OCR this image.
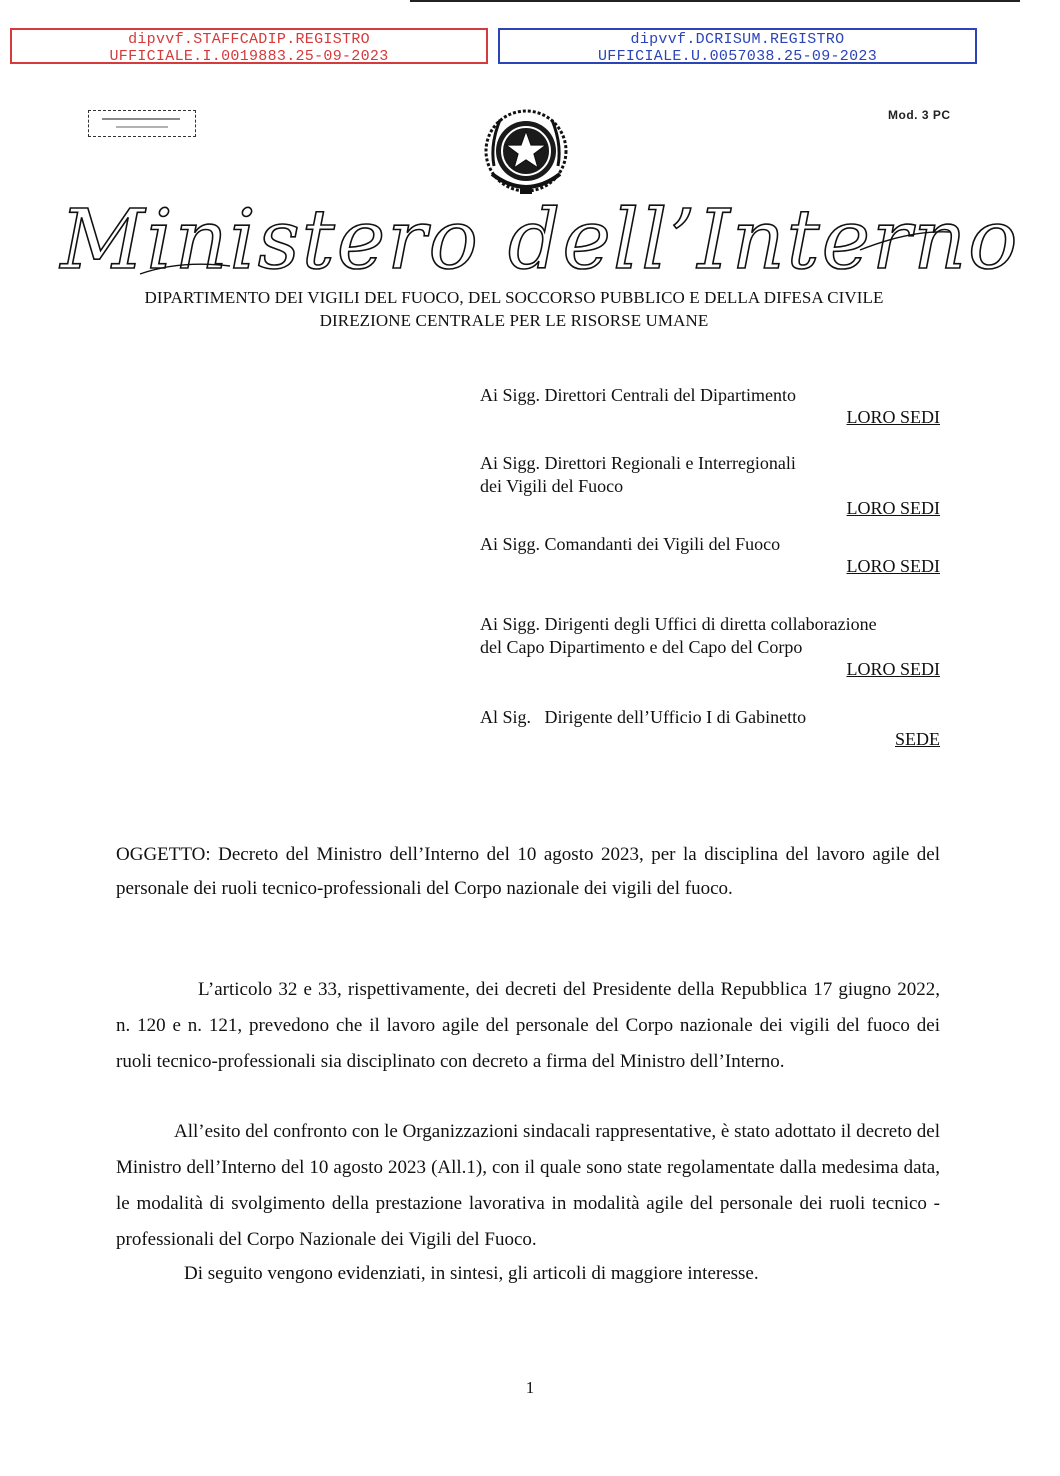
dipvvf.STAFFCADIP.REGISTRO
UFFICIALE.I.0019883.25-09-2023
dipvvf.DCRISUM.REGISTRO
UFFICIALE.U.0057038.25-09-2023
Mod. 3 PC
Ministero dell’Interno
DIPARTIMENTO DEI VIGILI DEL FUOCO, DEL SOCCORSO PUBBLICO E DELLA DIFESA CIVILE
DIREZIONE CENTRALE PER LE RISORSE UMANE
Ai Sigg. Direttori Centrali del Dipartimento
LORO SEDI
Ai Sigg. Direttori Regionali e Interregionali
dei Vigili del Fuoco
LORO SEDI
Ai Sigg. Comandanti dei Vigili del Fuoco
LORO SEDI
Ai Sigg. Dirigenti degli Uffici di diretta collaborazione
del Capo Dipartimento e del Capo del Corpo
LORO SEDI
Al Sig.   Dirigente dell’Ufficio I di Gabinetto
SEDE
OGGETTO: Decreto del Ministro dell’Interno del 10 agosto 2023, per la disciplina del lavoro agile del personale dei ruoli tecnico-professionali del Corpo nazionale dei vigili del fuoco.
L’articolo 32 e 33, rispettivamente, dei decreti del Presidente della Repubblica 17 giugno 2022, n. 120 e n. 121, prevedono che il lavoro agile del personale del Corpo nazionale dei vigili del fuoco dei ruoli tecnico-professionali sia disciplinato con decreto a firma del Ministro dell’Interno.
All’esito del confronto con le Organizzazioni sindacali rappresentative, è stato adottato il decreto del Ministro dell’Interno del 10 agosto 2023 (All.1), con il quale sono state regolamentate dalla medesima data, le modalità di svolgimento della prestazione lavorativa in modalità agile del personale dei ruoli tecnico - professionali del Corpo Nazionale dei Vigili del Fuoco.
Di seguito vengono evidenziati, in sintesi, gli articoli di maggiore interesse.
1
